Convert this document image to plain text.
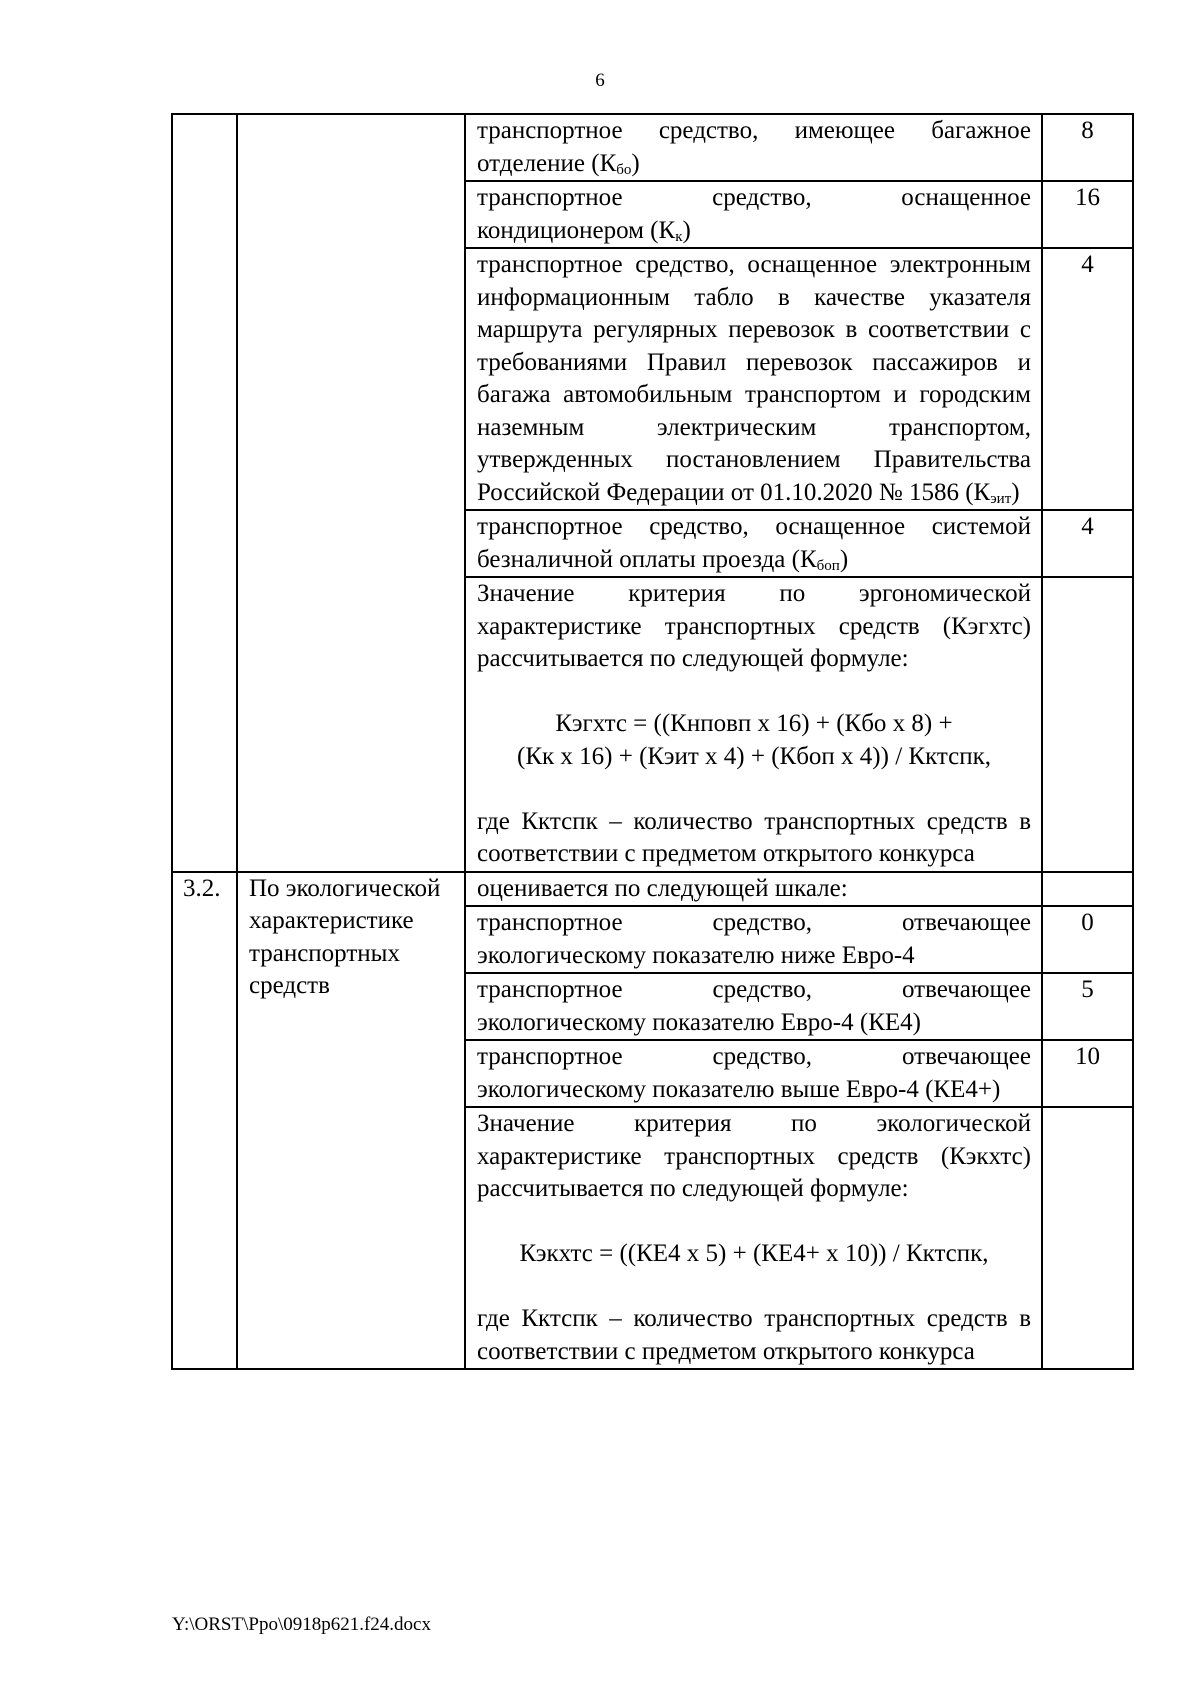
6
		транспортное средство, имеющее багажное отделение $(К_{бо})$	8
		транспортное средство, оснащенное кондиционером $(К_к)$	16
		транспортное средство, оснащенное электронным информационным табло в качестве указателя маршрута регулярных перевозок в соответствии с требованиями Правил перевозок пассажиров и багажа автомобильным транспортом и городским наземным электрическим транспортом, утвержденных постановлением Правительства Российской Федерации от 01.10.2020 № 1586 $(К_{эит})$	4
		транспортное средство, оснащенное системой безналичной оплаты проезда $(К_{боп})$	4

		Значение критерия по эргономической характеристике транспортных средств (Кэгхтс) рассчитывается по следующей формуле:
Кэгхтс = ((Кнповп x 16) + (Кбо x 8) +
(Кк x 16) + (Кэит x 4) + (Кбоп x 4)) / Кктспк,
где Кктспк – количество транспортных средств в соответствии с предметом открытого конкурса	

3.2.	По экологической характеристике транспортных средств	оценивается по следующей шкале:	
		транспортное средство, отвечающее экологическому показателю ниже Евро-4	0
		транспортное средство, отвечающее экологическому показателю Евро-4 (КЕ4)	5
		транспортное средство, отвечающее экологическому показателю выше Евро-4 (КЕ4+)	10

		Значение критерия по экологической характеристике транспортных средств (Кэкхтс) рассчитывается по следующей формуле:
Кэкхтс = ((КЕ4 x 5) + (КЕ4+ x 10)) / Кктспк,
где Кктспк – количество транспортных средств в соответствии с предметом открытого конкурса	

Y:\ORST\Ppo\0918p621.f24.docx
